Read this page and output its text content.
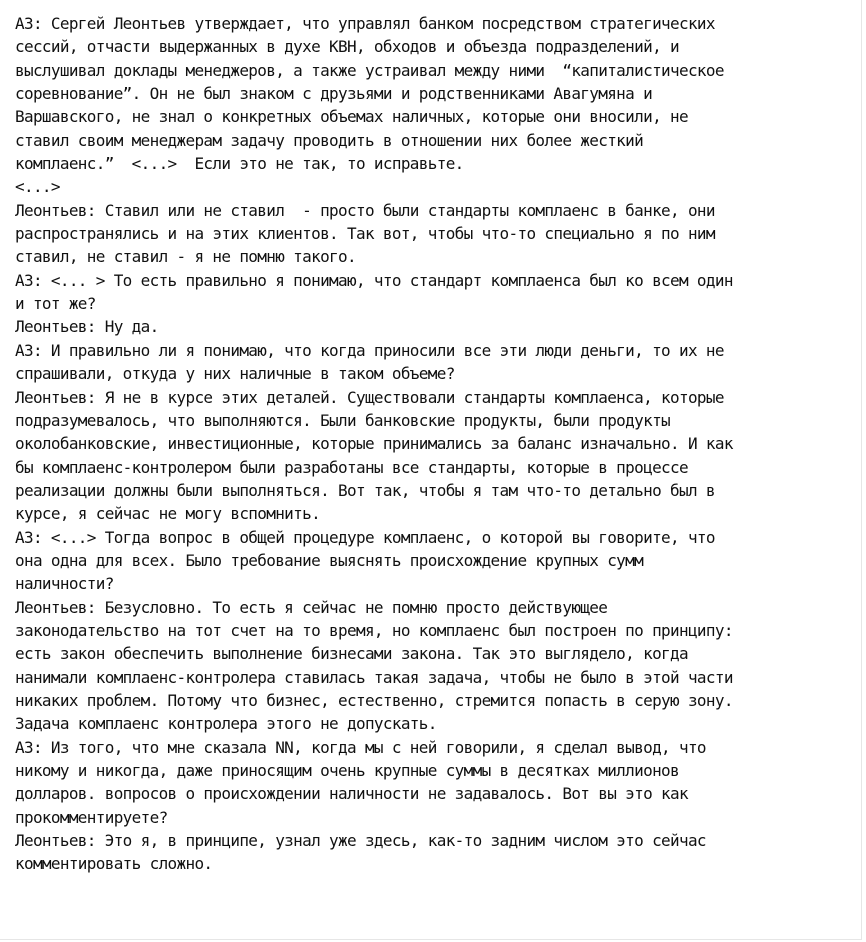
АЗ: Сергей Леонтьев утверждает, что управлял банком посредством стратегических
сессий, отчасти выдержанных в духе КВН, обходов и объезда подразделений, и
выслушивал доклады менеджеров, а также устраивал между ними  “капиталистическое
соревнование”. Он не был знаком с друзьями и родственниками Авагумяна и
Варшавского, не знал о конкретных объемах наличных, которые они вносили, не
ставил своим менеджерам задачу проводить в отношении них более жесткий
комплаенс.”  <...>  Если это не так, то исправьте.
<...>
Леонтьев: Ставил или не ставил  - просто были стандарты комплаенс в банке, они
распространялись и на этих клиентов. Так вот, чтобы что-то специально я по ним
ставил, не ставил - я не помню такого.
АЗ: <... > То есть правильно я понимаю, что стандарт комплаенса был ко всем один
и тот же?
Леонтьев: Ну да.
АЗ: И правильно ли я понимаю, что когда приносили все эти люди деньги, то их не
спрашивали, откуда у них наличные в таком объеме?
Леонтьев: Я не в курсе этих деталей. Существовали стандарты комплаенса, которые
подразумевалось, что выполняются. Были банковские продукты, были продукты
околобанковские, инвестиционные, которые принимались за баланс изначально. И как
бы комплаенс-контролером были разработаны все стандарты, которые в процессе
реализации должны были выполняться. Вот так, чтобы я там что-то детально был в
курсе, я сейчас не могу вспомнить.
АЗ: <...> Тогда вопрос в общей процедуре комплаенс, о которой вы говорите, что
она одна для всех. Было требование выяснять происхождение крупных сумм
наличности?
Леонтьев: Безусловно. То есть я сейчас не помню просто действующее
законодательство на тот счет на то время, но комплаенс был построен по принципу:
есть закон обеспечить выполнение бизнесами закона. Так это выглядело, когда
нанимали комплаенс-контролера ставилась такая задача, чтобы не было в этой части
никаких проблем. Потому что бизнес, естественно, стремится попасть в серую зону.
Задача комплаенс контролера этого не допускать.
АЗ: Из того, что мне сказала NN, когда мы с ней говорили, я сделал вывод, что
никому и никогда, даже приносящим очень крупные суммы в десятках миллионов
долларов. вопросов о происхождении наличности не задавалось. Вот вы это как
прокомментируете?
Леонтьев: Это я, в принципе, узнал уже здесь, как-то задним числом это сейчас
комментировать сложно.
